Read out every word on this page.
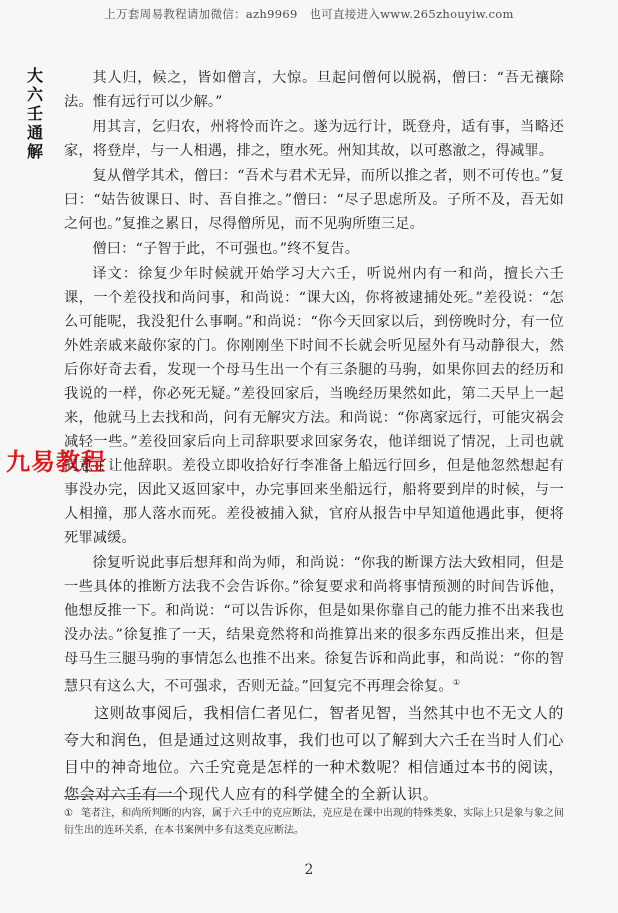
上万套周易教程请加微信：azh9969　也可直接进入www.265zhouyiw.com
大
六
壬
通
解
九易教程

其人归，候之，皆如僧言，大惊。旦起问僧何以脱祸，僧曰：“吾无禳除法。惟有远行可以少解。”

用其言，乞归农，州将怜而许之。遂为远行计，既登舟，适有事，当略还家，将登岸，与一人相遇，排之，堕水死。州知其故，以可憨澈之，得减罪。

复从僧学其术，僧曰：“吾术与君术无异，而所以推之者，则不可传也。”复曰：“姑告彼课日、时、吾自推之。”僧曰：“尽子思虑所及。子所不及，吾无如之何也。”复推之累日，尽得僧所见，而不见驹所堕三足。

僧曰：“子智于此，不可强也。”终不复告。

译文：徐复少年时候就开始学习大六壬，听说州内有一和尚，擅长六壬课，一个差役找和尚问事，和尚说：“课大凶，你将被逮捕处死。”差役说：“怎么可能呢，我没犯什么事啊。”和尚说：“你今天回家以后，到傍晚时分，有一位外姓亲戚来敲你家的门。你刚刚坐下时间不长就会听见屋外有马动静很大，然后你好奇去看，发现一个母马生出一个有三条腿的马驹，如果你回去的经历和我说的一样，你必死无疑。”差役回家后，当晚经历果然如此，第二天早上一起来，他就马上去找和尚，问有无解灾方法。和尚说：“你离家远行，可能灾祸会减轻一些。”差役回家后向上司辞职要求回家务农，他详细说了情况，上司也就同意了让他辞职。差役立即收拾好行李准备上船远行回乡，但是他忽然想起有事没办完，因此又返回家中，办完事回来坐船远行，船将要到岸的时候，与一人相撞，那人落水而死。差役被捕入狱，官府从报告中早知道他遇此事，便将死罪减缓。

徐复听说此事后想拜和尚为师，和尚说：“你我的断课方法大致相同，但是一些具体的推断方法我不会告诉你。”徐复要求和尚将事情预测的时间告诉他，他想反推一下。和尚说：“可以告诉你，但是如果你靠自己的能力推不出来我也没办法。”徐复推了一天，结果竟然将和尚推算出来的很多东西反推出来，但是母马生三腿马驹的事情怎么也推不出来。徐复告诉和尚此事，和尚说：“你的智慧只有这么大，不可强求，否则无益。”回复完不再理会徐复。①

这则故事阅后，我相信仁者见仁，智者见智，当然其中也不无文人的夸大和润色，但是通过这则故事，我们也可以了解到大六壬在当时人们心目中的神奇地位。六壬究竟是怎样的一种术数呢？相信通过本书的阅读，您会对六壬有一个现代人应有的科学健全的全新认识。

① 笔者注，和尚所判断的内容，属于六壬中的克应断法，克应是在课中出现的特殊类象，实际上只是象与象之间衍生出的连环关系，在本书案例中多有这类克应断法。
2
